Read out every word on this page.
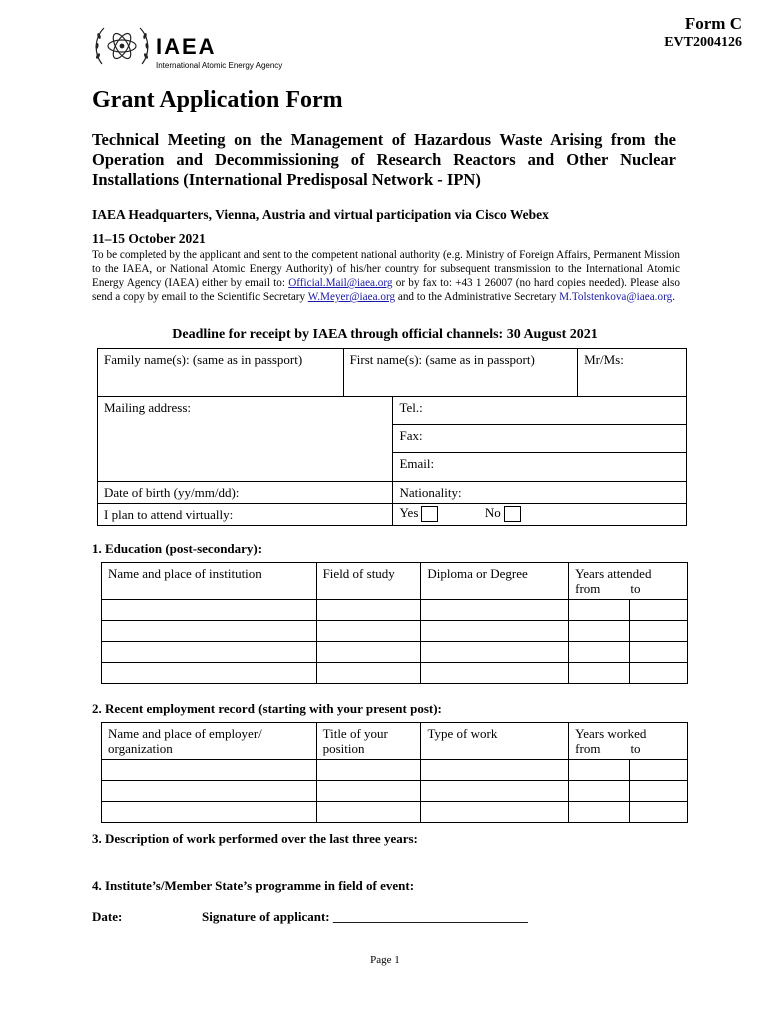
IAEA
International Atomic Energy Agency
Form C
EVT2004126
Grant Application Form
Technical Meeting on the Management of Hazardous Waste Arising from the Operation and Decommissioning of Research Reactors and Other Nuclear Installations (International Predisposal Network - IPN)
IAEA Headquarters, Vienna, Austria and virtual participation via Cisco Webex
11–15 October 2021
To be completed by the applicant and sent to the competent national authority (e.g. Ministry of Foreign Affairs, Permanent Mission to the IAEA, or National Atomic Energy Authority) of his/her country for subsequent transmission to the International Atomic Energy Agency (IAEA) either by email to: Official.Mail@iaea.org or by fax to: +43 1 26007 (no hard copies needed). Please also send a copy by email to the Scientific Secretary W.Meyer@iaea.org and to the Administrative Secretary M.Tolstenkova@iaea.org.
Deadline for receipt by IAEA through official channels: 30 August 2021
Family name(s): (same as in passport)	First name(s): (same as in passport)		Mr/Ms:
Mailing address:		Tel.:	
		Fax:	
		Email:	
Date of birth (yy/mm/dd):		Nationality:	
I plan to attend virtually:		Yes No	
1. Education (post-secondary):
Name and place of institution	Field of study	Diploma or Degree	Years attended
from to	

2. Recent employment record (starting with your present post):
Name and place of employer/ organization	Title of your position	Type of work	Years worked
from to	

3. Description of work performed over the last three years:
4. Institute’s/Member State’s programme in field of event:
Date:	Signature of applicant: ______________________________
Page 1
